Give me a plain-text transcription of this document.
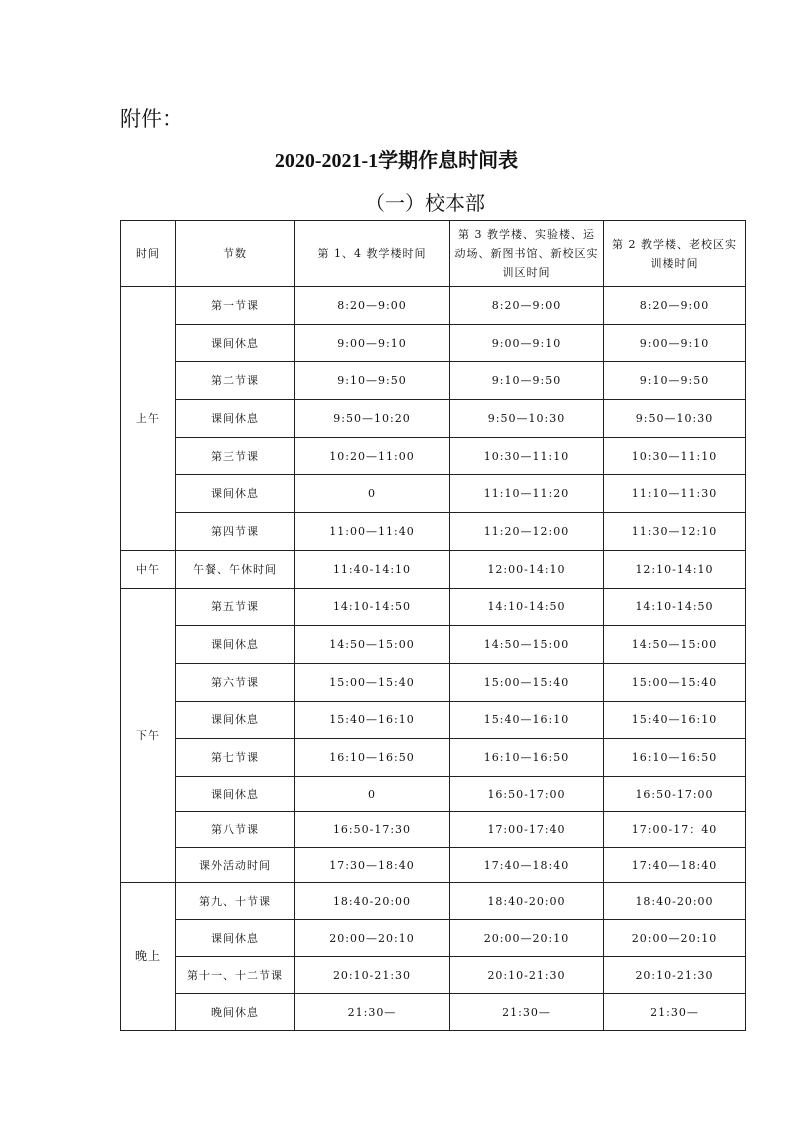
附件：
2020-2021-1学期作息时间表
（一）校本部
时间	节数	第 1、4 教学楼时间	第 3 教学楼、实验楼、运动场、新图书馆、新校区实训区时间	第 2 教学楼、老校区实训楼时间
上午	第一节课	8:20—9:00	8:20—9:00	8:20—9:00
	课间休息	9:00—9:10	9:00—9:10	9:00—9:10
	第二节课	9:10—9:50	9:10—9:50	9:10—9:50
	课间休息	9:50—10:20	9:50—10:30	9:50—10:30
	第三节课	10:20—11:00	10:30—11:10	10:30—11:10
	课间休息	0	11:10—11:20	11:10—11:30
	第四节课	11:00—11:40	11:20—12:00	11:30—12:10
中午	午餐、午休时间	11:40-14:10	12:00-14:10	12:10-14:10
下午	第五节课	14:10-14:50	14:10-14:50	14:10-14:50
	课间休息	14:50—15:00	14:50—15:00	14:50—15:00
	第六节课	15:00—15:40	15:00—15:40	15:00—15:40
	课间休息	15:40—16:10	15:40—16:10	15:40—16:10
	第七节课	16:10—16:50	16:10—16:50	16:10—16:50
	课间休息	0	16:50-17:00	16:50-17:00
	第八节课	16:50-17:30	17:00-17:40	17:00-17：40
	课外活动时间	17:30—18:40	17:40—18:40	17:40—18:40
晚上	第九、十节课	18:40-20:00	18:40-20:00	18:40-20:00
	课间休息	20:00—20:10	20:00—20:10	20:00—20:10
	第十一、十二节课	20:10-21:30	20:10-21:30	20:10-21:30
	晚间休息	21:30—	21:30—	21:30—
